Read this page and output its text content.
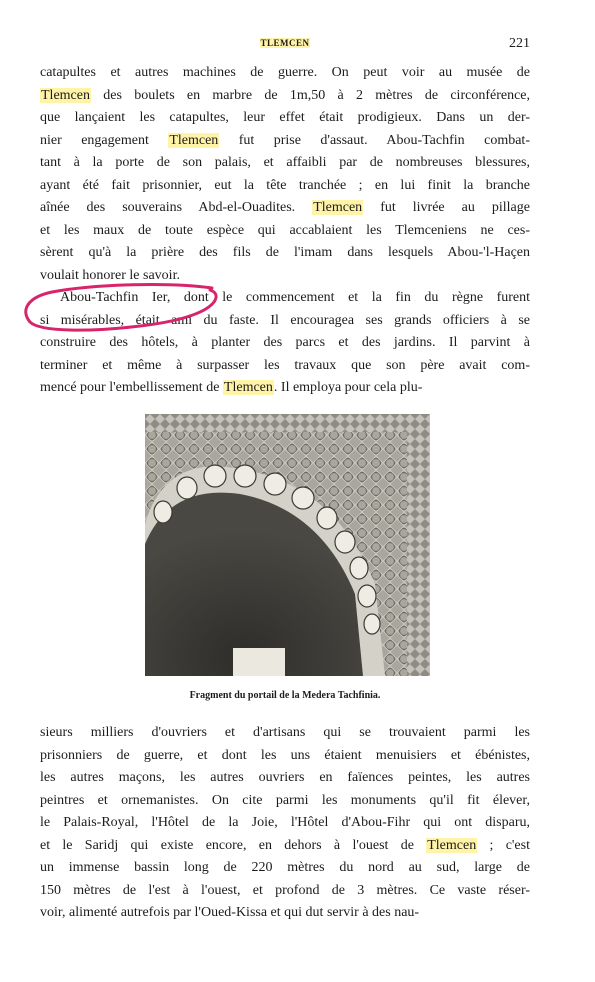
TLEMCEN	221
catapultes et autres machines de guerre. On peut voir au musée de
Tlemcen des boulets en marbre de 1m,50 à 2 mètres de circonférence,
que lançaient les catapultes, leur effet était prodigieux. Dans un der-
nier engagement Tlemcen fut prise d'assaut. Abou-Tachfin combat-
tant à la porte de son palais, et affaibli par de nombreuses blessures,
ayant été fait prisonnier, eut la tête tranchée ; en lui finit la branche
aînée des souverains Abd-el-Ouadites. Tlemcen fut livrée au pillage
et les maux de toute espèce qui accablaient les Tlemceniens ne ces-
sèrent qu'à la prière des fils de l'imam dans lesquels Abou-'l-Haçen
voulait honorer le savoir.
Abou-Tachfin Ier, dont le commencement et la fin du règne furent
si misérables, était ami du faste. Il encouragea ses grands officiers à se
construire des hôtels, à planter des parcs et des jardins. Il parvint à
terminer et même à surpasser les travaux que son père avait com-
mencé pour l'embellissement de Tlemcen. Il employa pour cela plu-
Fragment du portail de la Medera Tachfinia.
sieurs milliers d'ouvriers et d'artisans qui se trouvaient parmi les
prisonniers de guerre, et dont les uns étaient menuisiers et ébénistes,
les autres maçons, les autres ouvriers en faïences peintes, les autres
peintres et ornemanistes. On cite parmi les monuments qu'il fit élever,
le Palais-Royal, l'Hôtel de la Joie, l'Hôtel d'Abou-Fihr qui ont disparu,
et le Saridj qui existe encore, en dehors à l'ouest de Tlemcen ; c'est
un immense bassin long de 220 mètres du nord au sud, large de
150 mètres de l'est à l'ouest, et profond de 3 mètres. Ce vaste réser-
voir, alimenté autrefois par l'Oued-Kissa et qui dut servir à des nau-
